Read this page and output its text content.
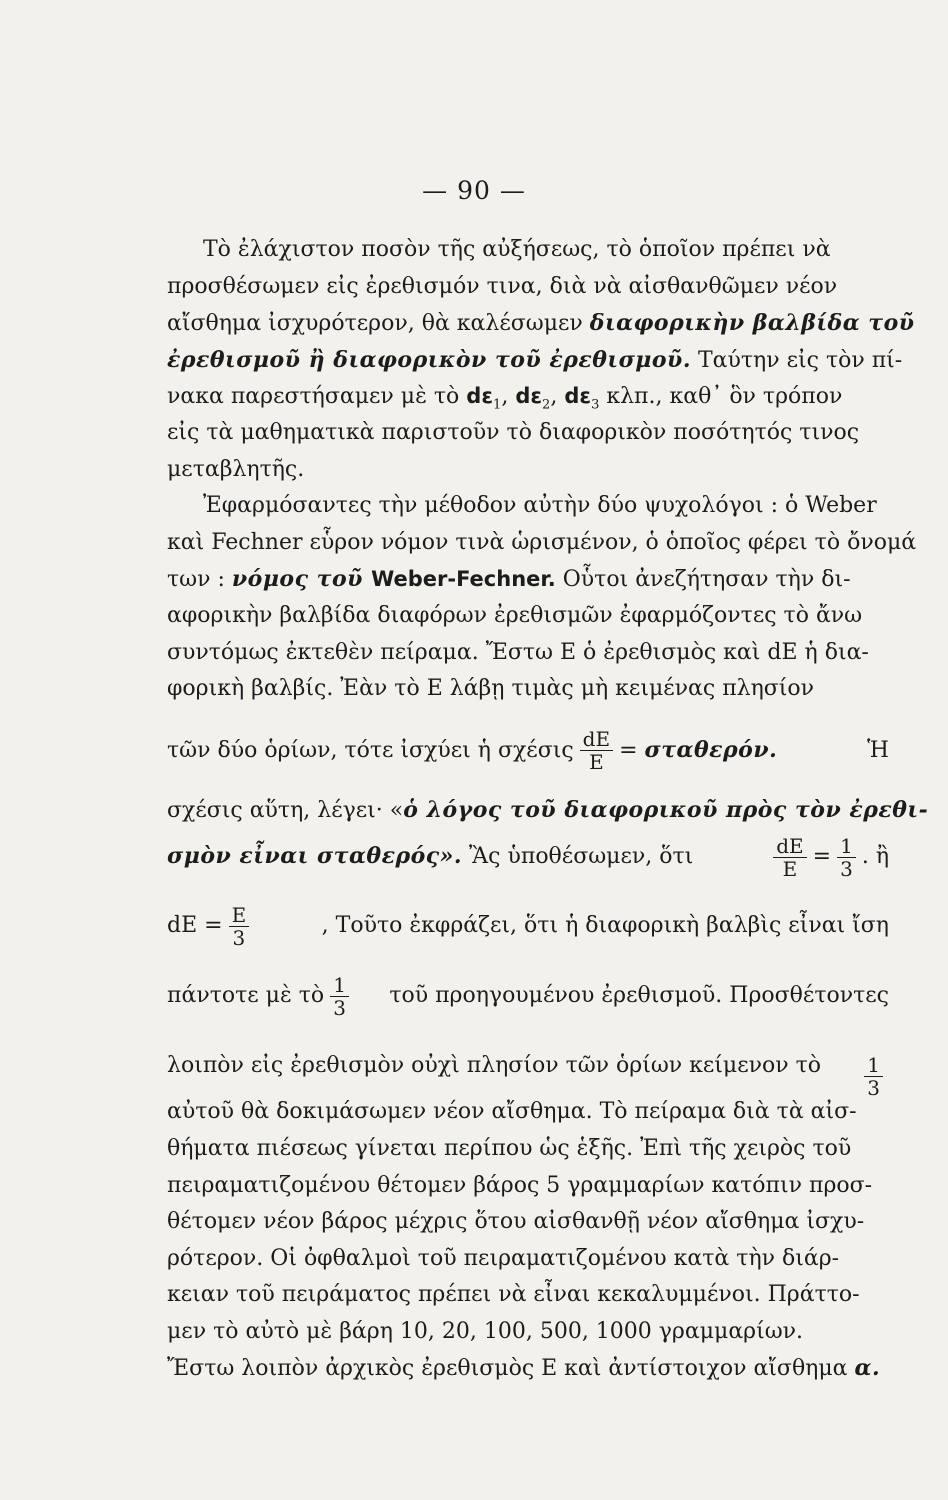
— 90 —
Τὸ ἐλάχιστον ποσὸν τῆς αὐξήσεως, τὸ ὁποῖον πρέπει νὰ
προσθέσωμεν εἰς ἐρεθισμόν τινα, διὰ νὰ αἰσθανθῶμεν νέον
αἴσθημα ἰσχυρότερον, θὰ καλέσωμεν διαφορικὴν βαλβίδα τοῦ
ἐρεθισμοῦ ἢ διαφορικὸν τοῦ ἐρεθισμοῦ. Ταύτην εἰς τὸν πί-
νακα παρεστήσαμεν μὲ τὸ $d\varepsilon_1$, $d\varepsilon_2$, $d\varepsilon_3$ κλπ., καθ᾽ ὃν τρόπον
εἰς τὰ μαθηματικὰ παριστοῦν τὸ διαφορικὸν ποσότητός τινος
μεταβλητῆς.
Ἐφαρμόσαντες τὴν μέθοδον αὐτὴν δύο ψυχολόγοι : ὁ Weber
καὶ Fechner εὗρον νόμον τινὰ ὡρισμένον, ὁ ὁποῖος φέρει τὸ ὄνομά
των : νόμος τοῦ Weber-Fechner. Οὗτοι ἀνεζήτησαν τὴν δι-
αφορικὴν βαλβίδα διαφόρων ἐρεθισμῶν ἐφαρμόζοντες τὸ ἄνω
συντόμως ἐκτεθὲν πείραμα. Ἔστω Ε ὁ ἐρεθισμὸς καὶ dE ἡ δια-
φορικὴ βαλβίς. Ἐὰν τὸ Ε λάβῃ τιμὰς μὴ κειμένας πλησίον
τῶν δύο ὁρίων, τότε ἰσχύει ἡ σχέσις $\frac{dE}{E} = \sigma\tau\alpha\theta\varepsilon\rho ό\nu$.	Ἡ
σχέσις αὕτη, λέγει· «ὁ λόγος τοῦ διαφορικοῦ πρὸς τὸν ἐρεθι-
σμὸν εἶναι σταθερός». Ἂς ὑποθέσωμεν, ὅτι	$\frac{dE}{E} = \frac{1}{3}$ . ἢ
dE = $\frac{E}{3}$	, Τοῦτο ἐκφράζει, ὅτι ἡ διαφορικὴ βαλβὶς εἶναι ἴση
πάντοτε μὲ τὸ $\frac{1}{3}$ τοῦ προηγουμένου ἐρεθισμοῦ. Προσθέτοντες
λοιπὸν εἰς ἐρεθισμὸν οὐχὶ πλησίον τῶν ὁρίων κείμενον τὸ $\frac{1}{3}$
αὐτοῦ θὰ δοκιμάσωμεν νέον αἴσθημα. Τὸ πείραμα διὰ τὰ αἰσ-
θήματα πιέσεως γίνεται περίπου ὡς ἑξῆς. Ἐπὶ τῆς χειρὸς τοῦ
πειραματιζομένου θέτομεν βάρος 5 γραμμαρίων κατόπιν προσ-
θέτομεν νέον βάρος μέχρις ὅτου αἰσθανθῇ νέον αἴσθημα ἰσχυ-
ρότερον. Οἱ ὀφθαλμοὶ τοῦ πειραματιζομένου κατὰ τὴν διάρ-
κειαν τοῦ πειράματος πρέπει νὰ εἶναι κεκαλυμμένοι. Πράττο-
μεν τὸ αὐτὸ μὲ βάρη 10, 20, 100, 500, 1000 γραμμαρίων.
Ἔστω λοιπὸν ἀρχικὸς ἐρεθισμὸς Ε καὶ ἀντίστοιχον αἴσθημα α.
